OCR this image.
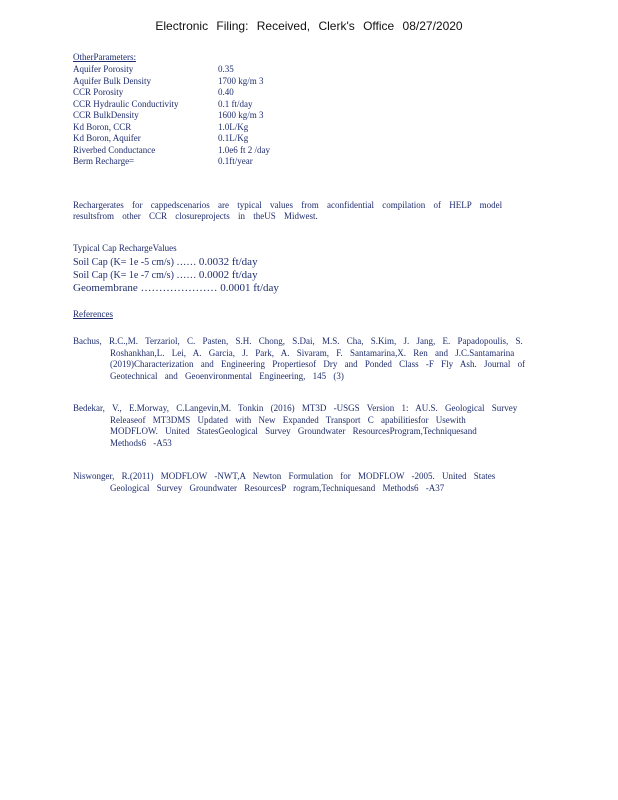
Electronic Filing: Received, Clerk's Office 08/27/2020
OtherParameters:
Aquifer Porosity	0.35
Aquifer Bulk Density	1700 kg/m 3
CCR Porosity	0.40
CCR Hydraulic Conductivity	0.1 ft/day
CCR BulkDensity	1600 kg/m 3
Kd Boron, CCR	1.0L/Kg
Kd Boron, Aquifer	0.1L/Kg
Riverbed Conductance	1.0e6 ft 2 /day
Berm Recharge=	0.1ft/year
Rechargerates for cappedscenarios are typical values from aconfidential compilation of HELP model
resultsfrom other CCR closureprojects in theUS Midwest.
Typical Cap RechargeValues
Soil Cap (K= 1e -5 cm/s) …… 0.0032 ft/day
Soil Cap (K= 1e -7 cm/s) …… 0.0002 ft/day
Geomembrane ………………… 0.0001 ft/day
References
Bachus, R.C.,M. Terzariol, C. Pasten, S.H. Chong, S.Dai, M.S. Cha, S.Kim, J. Jang, E. Papadopoulis, S.
Roshankhan,L. Lei, A. Garcia, J. Park, A. Sivaram, F. Santamarina,X. Ren and J.C.Santamarina
(2019)Characterization and Engineering Propertiesof Dry and Ponded Class -F Fly Ash. Journal of
Geotechnical and Geoenvironmental Engineering, 145 (3)
Bedekar, V., E.Morway, C.Langevin,M. Tonkin (2016) MT3D -USGS Version 1: AU.S. Geological Survey
Releaseof MT3DMS Updated with New Expanded Transport C apabilitiesfor Usewith
MODFLOW. United StatesGeological Survey Groundwater ResourcesProgram,Techniquesand
Methods6 -A53
Niswonger, R.(2011) MODFLOW -NWT,A Newton Formulation for MODFLOW -2005. United States
Geological Survey Groundwater ResourcesP rogram,Techniquesand Methods6 -A37
